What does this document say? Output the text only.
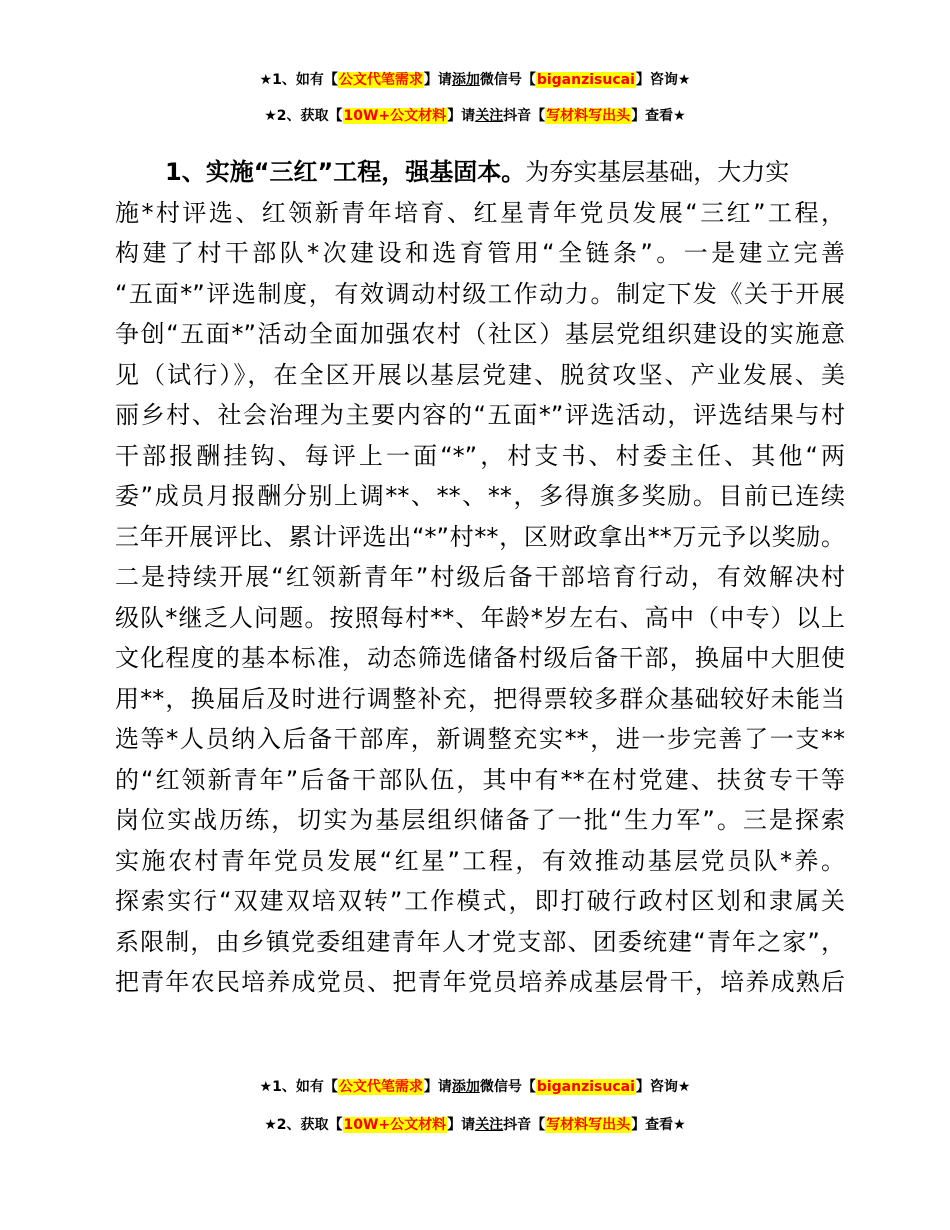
★1、如有【公文代笔需求】请添加微信号【biganzisucai】咨询★
★2、获取【10W+公文材料】请关注抖音【写材料写出头】查看★
1、实施“三红”工程，强基固本。为夯实基层基础，大力实
施*村评选、红领新青年培育、红星青年党员发展“三红”工程，
构建了村干部队*次建设和选育管用“全链条”。一是建立完善
“五面*”评选制度，有效调动村级工作动力。制定下发《关于开展
争创“五面*”活动全面加强农村（社区）基层党组织建设的实施意
见（试行）》，在全区开展以基层党建、脱贫攻坚、产业发展、美
丽乡村、社会治理为主要内容的“五面*”评选活动，评选结果与村
干部报酬挂钩、每评上一面“*”，村支书、村委主任、其他“两
委”成员月报酬分别上调**、**、**，多得旗多奖励。目前已连续
三年开展评比、累计评选出“*”村**，区财政拿出**万元予以奖励。
二是持续开展“红领新青年”村级后备干部培育行动，有效解决村
级队*继乏人问题。按照每村**、年龄*岁左右、高中（中专）以上
文化程度的基本标准，动态筛选储备村级后备干部，换届中大胆使
用**，换届后及时进行调整补充，把得票较多群众基础较好未能当
选等*人员纳入后备干部库，新调整充实**，进一步完善了一支**
的“红领新青年”后备干部队伍，其中有**在村党建、扶贫专干等
岗位实战历练，切实为基层组织储备了一批“生力军”。三是探索
实施农村青年党员发展“红星”工程，有效推动基层党员队*养。
探索实行“双建双培双转”工作模式，即打破行政村区划和隶属关
系限制，由乡镇党委组建青年人才党支部、团委统建“青年之家”，
把青年农民培养成党员、把青年党员培养成基层骨干，培养成熟后
★1、如有【公文代笔需求】请添加微信号【biganzisucai】咨询★
★2、获取【10W+公文材料】请关注抖音【写材料写出头】查看★
